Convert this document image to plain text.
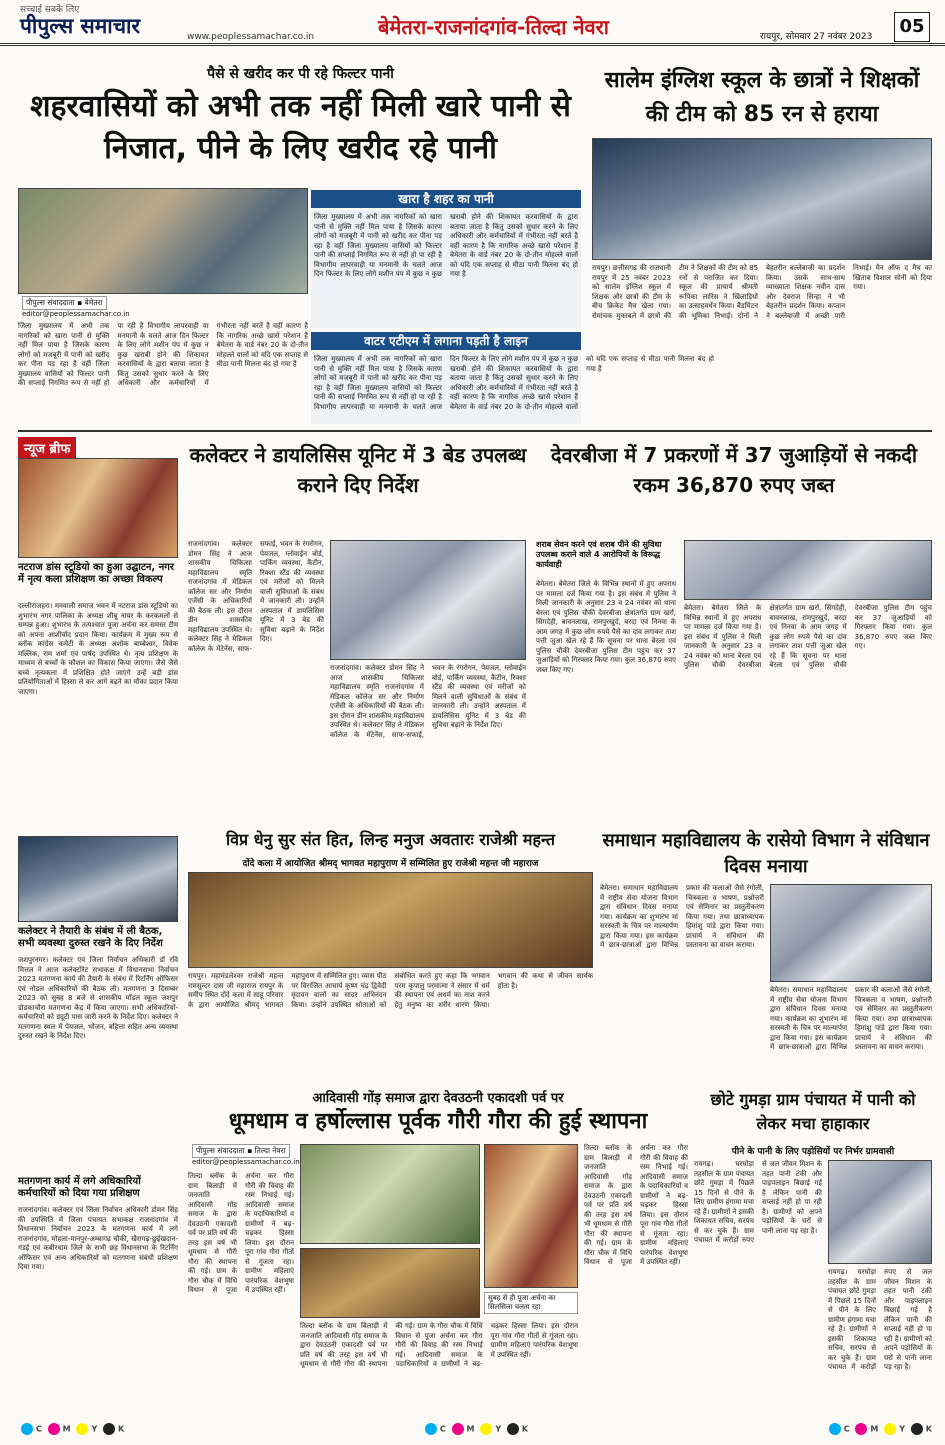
सच्चाई सबके लिए
पीपुल्स समाचार	www.peoplessamachar.co.in	बेमेतरा-राजनांदगांव-तिल्दा नेवरा	रायपुर, सोमवार 27 नवंबर 2023	05
पैसे से खरीद कर पी रहे फिल्टर पानी
शहरवासियों को अभी तक नहीं मिली खारे पानी से निजात, पीने के लिए खरीद रहे पानी
पीपुल्स संवाददाता ▪ बेमेतरा
editor@peoplessamachar.co.in
खारा है शहर का पानी
जिला मुख्यालय में अभी तक नागरिकों को खारा पानी से मुक्ति नहीं मिल पाया है जिसके कारण लोगों को मजबूरी में पानी को खरीद कर पीना पड़ रहा है वहीं जिला मुख्यालय वासियों को फिल्टर पानी की सप्लाई निगमित रूप से नहीं हो पा रही है विभागीय लापरवाही या मनमानी के चलते आज दिन फिल्टर के लिए लोगे मशीन पंप में कुछ न कुछ खराबी होने की शिकायत करवासियों के द्वारा बताया जाता है किंतु उसको सुधार करने के लिए अधिकारी और कर्मचारियों में गंभीरता नहीं बरतें है वहीं कारण है कि नागरिक अच्छे खासे परेशान हैं बेमेतरा के वार्ड नंबर 20 के दो-तीन मोहल्ले वालों को यदि एक सप्ताह से मीठा पानी मिलना बंद हो गया है
वाटर एटीएम में लगाना पड़ती है लाइन
जिला मुख्यालय में अभी तक नागरिकों को खारा पानी से मुक्ति नहीं मिल पाया है जिसके कारण लोगों को मजबूरी में पानी को खरीद कर पीना पड़ रहा है वहीं जिला मुख्यालय वासियों को फिल्टर पानी की सप्लाई निगमित रूप से नहीं हो पा रही है विभागीय लापरवाही या मनमानी के चलते आज दिन फिल्टर के लिए लोगे मशीन पंप में कुछ न कुछ खराबी होने की शिकायत करवासियों के द्वारा बताया जाता है किंतु उसको सुधार करने के लिए अधिकारी और कर्मचारियों में गंभीरता नहीं बरतें है वहीं कारण है कि नागरिक अच्छे खासे परेशान हैं बेमेतरा के वार्ड नंबर 20 के दो-तीन मोहल्ले वालों को यदि एक सप्ताह से मीठा पानी मिलना बंद हो गया है
जिला मुख्यालय में अभी तक नागरिकों को खारा पानी से मुक्ति नहीं मिल पाया है जिसके कारण लोगों को मजबूरी में पानी को खरीद कर पीना पड़ रहा है वहीं जिला मुख्यालय वासियों को फिल्टर पानी की सप्लाई निगमित रूप से नहीं हो पा रही है विभागीय लापरवाही या मनमानी के चलते आज दिन फिल्टर के लिए लोगे मशीन पंप में कुछ न कुछ खराबी होने की शिकायत करवासियों के द्वारा बताया जाता है किंतु उसको सुधार करने के लिए अधिकारी और कर्मचारियों में गंभीरता नहीं बरतें है वहीं कारण है कि नागरिक अच्छे खासे परेशान हैं बेमेतरा के वार्ड नंबर 20 के दो-तीन मोहल्ले वालों को यदि एक सप्ताह से मीठा पानी मिलना बंद हो गया है
सालेम इंग्लिश स्कूल के छात्रों ने शिक्षकों की टीम को 85 रन से हराया
रायपुर। छत्तीसगढ़ की राजधानी रायपुर में 25 नवंबर 2023 को सालेम इंग्लिश स्कूल में शिक्षक और छात्रों की टीम के बीच क्रिकेट मैच खेला गया। रोमांचक मुकाबले में छात्रों की टीम ने शिक्षकों की टीम को 85 रनों से पराजित कर दिया। स्कूल की प्राचार्य श्रीमती रूपिका लारिंस ने खिलाड़ियों का उत्साहवर्धन किया। बैडमिंटन की भूमिका निभाई। दोनों ने बेहतरीन बल्लेबाजी का प्रदर्शन किया। उसके साथ-साथ व्याख्याता शिक्षक नवीन दास और देवराज सिन्हा ने भी बेहतरीन प्रदर्शन किया। कप्तान ने बल्लेबाजी में अच्छी पारी निभाई। मैन ऑफ द मैच का खिताब विशाल सोनी को दिया गया।
न्यूज ब्रीफ
नटराज डांस स्टूडियो का हुआ उद्घाटन, नगर में नृत्य कला प्रशिक्षण का अच्छा विकल्प
दल्लीराजहरा। मनवाली समाज भवन में नटराज डांस स्टूडियो का शुभारंभ नगर पालिका के अध्यक्ष शीबू नायर के करकमलों से सम्पन्न हुआ। शुभारंभ के तत्पश्चात पूजा अर्चना कर समस्त टीम को अपना आशीर्वाद प्रदान किया। कार्यक्रम में मुख्य रूप से ब्लॉक कांग्रेस कमेटी के अध्यक्ष अशोक बाम्बेश्वर, विवेक मल्लिक, राम शर्मा एवं पार्षद उपस्थित थे। नृत्य प्रशिक्षण के माध्यम से बच्चों के कौशल का विकास किया जाएगा। जैसे जैसे बच्चे नृत्यकला में प्रशिक्षित होते जाएंगे उन्हें बड़ी डांस प्रतियोगिताओं में हिस्सा ले कर आगे बढ़ने का मौका प्रदान किया जाएगा।
कलेक्टर ने डायलिसिस यूनिट में 3 बेड उपलब्ध कराने दिए निर्देश
राजनांदगांव। कलेक्टर डोमन सिंह ने आज शासकीय चिकित्सा महाविद्यालय स्मृति राजनांदगांव में मेडिकल कॉलेज सर और निर्माण एजेंसी के अधिकारियों की बैठक ली। इस दौरान डीन शासकीय महाविद्यालय उपस्थित थे। कलेक्टर सिंह ने मेडिकल कॉलेज के मेंटेनेंस, साफ-सफाई, भवन के रंगरोगन, पेयजल, ग्लोवाईन बोर्ड, पार्किंग व्यवस्था, कैंटीन, रिक्शा स्टैंड की व्यवस्था एवं मरीजों को मिलने वाली सुविधाओं के संबंध में जानकारी ली। उन्होंने अस्पताल में डायलिसिस यूनिट में 3 बेड की सुविधा बढ़ाने के निर्देश दिए।
राजनांदगांव। कलेक्टर डोमन सिंह ने आज शासकीय चिकित्सा महाविद्यालय स्मृति राजनांदगांव में मेडिकल कॉलेज सर और निर्माण एजेंसी के अधिकारियों की बैठक ली। इस दौरान डीन शासकीय महाविद्यालय उपस्थित थे। कलेक्टर सिंह ने मेडिकल कॉलेज के मेंटेनेंस, साफ-सफाई, भवन के रंगरोगन, पेयजल, ग्लोवाईन बोर्ड, पार्किंग व्यवस्था, कैंटीन, रिक्शा स्टैंड की व्यवस्था एवं मरीजों को मिलने वाली सुविधाओं के संबंध में जानकारी ली। उन्होंने अस्पताल में डायलिसिस यूनिट में 3 बेड की सुविधा बढ़ाने के निर्देश दिए।
देवरबीजा में 7 प्रकरणों में 37 जुआड़ियों से नकदी रकम 36,870 रुपए जब्त
शराब सेवन करने एवं शराब पीने की सुविधा उपलब्ध कराने वाले 4 आरोपियों के विरूद्ध कार्यवाही
बेमेतरा। बेमेतरा जिले के विभिन्न स्थानों में हुए अपराध पर मामला दर्ज किया गया है। इस संबंध में पुलिस ने मिली जानकारी के अनुसार 23 व 24 नवंबर को थाना बेरला एवं पुलिस चौकी देवरबीजा क्षेत्रांतर्गत ग्राम खर्रा, सिंगदेही, बावनलाख, रामपुरखुर्द, बरदा एवं निनवा के आम जगह में कुछ लोग रुपये पैसे का दांव लगाकर ताश पत्ती जुआ खेल रहे हैं कि सूचना पर थाना बेरला एवं पुलिस चौकी देवरबीजा पुलिस टीम पहुंच कर 37 जुआड़ियों को गिरफ्तार किया गया। कुल 36,870 रुपए जब्त किए गए।
बेमेतरा। बेमेतरा जिले के विभिन्न स्थानों में हुए अपराध पर मामला दर्ज किया गया है। इस संबंध में पुलिस ने मिली जानकारी के अनुसार 23 व 24 नवंबर को थाना बेरला एवं पुलिस चौकी देवरबीजा क्षेत्रांतर्गत ग्राम खर्रा, सिंगदेही, बावनलाख, रामपुरखुर्द, बरदा एवं निनवा के आम जगह में कुछ लोग रुपये पैसे का दांव लगाकर ताश पत्ती जुआ खेल रहे हैं कि सूचना पर थाना बेरला एवं पुलिस चौकी देवरबीजा पुलिस टीम पहुंच कर 37 जुआड़ियों को गिरफ्तार किया गया। कुल 36,870 रुपए जब्त किए गए।
विप्र धेनु सुर संत हित, लिन्ह मनुज अवतारः राजेश्री महन्त
दोंदे कला में आयोजित श्रीमद् भागवत महापुराण में सम्मिलित हुए राजेश्री महन्त जी महाराज
रायपुर। महामंडलेश्वर राजेश्री महन्त रामसुन्दर दास जी महाराज रायपुर के समीप स्थित दोंदे कला में साहू परिवार के द्वारा आयोजित श्रीमद् भागवत महापुराण में सम्मिलित हुए। व्यास पीठ पर विराजित आचार्य कृष्ण चंद्र द्विवेदी वृंदावन वालों का सादर अभिनंदन किया। उन्होंने उपस्थित श्रोताओं को संबोधित करते हुए कहा कि भगवान परम कृपालु परमात्मा ने संसार में धर्म की स्थापना एवं अधर्म का नाश करने हेतु मनुष्य का शरीर धारण किया। भगवान की कथा से जीवन सार्थक होता है।
समाधान महाविद्यालय के रासेयो विभाग ने संविधान दिवस मनाया
बेमेतरा। समाधान महाविद्यालय में राष्ट्रीय सेवा योजना विभाग द्वारा संविधान दिवस मनाया गया। कार्यक्रम का शुभारंभ मां सरस्वती के चित्र पर माल्यार्पण द्वारा किया गया। इस कार्यक्रम में छात्र-छात्राओं द्वारा विभिन्न प्रकार की कलाओं जैसे रंगोली, चित्रकला व भाषण, प्रश्नोत्तरी एवं सेमिनार का प्रस्तुतीकरण किया गया। तथा छात्राध्यापक हिमांशु पांडे द्वारा किया गया। प्राचार्य ने संविधान की प्रस्तावना का वाचन कराया।
बेमेतरा। समाधान महाविद्यालय में राष्ट्रीय सेवा योजना विभाग द्वारा संविधान दिवस मनाया गया। कार्यक्रम का शुभारंभ मां सरस्वती के चित्र पर माल्यार्पण द्वारा किया गया। इस कार्यक्रम में छात्र-छात्राओं द्वारा विभिन्न प्रकार की कलाओं जैसे रंगोली, चित्रकला व भाषण, प्रश्नोत्तरी एवं सेमिनार का प्रस्तुतीकरण किया गया। तथा छात्राध्यापक हिमांशु पांडे द्वारा किया गया। प्राचार्य ने संविधान की प्रस्तावना का वाचन कराया।
कलेक्टर ने तैयारी के संबंध में ली बैठक, सभी व्यवस्था दुरुस्त रखने के दिए निर्देश
जशपुरनगर। कलेक्टर एवं जिला निर्वाचन अधिकारी डॉ रवि मित्तल ने आज कलेक्टोरेट सभाकक्ष में विधानसभा निर्वाचन 2023 मतगणना कार्य की तैयारी के संबंध में रिटर्निंग ऑफिसर एवं नोडल अधिकारियों की बैठक ली। मतगणना 3 दिसम्बर 2023 को सुबह 8 बजे से शासकीय मॉडल स्कूल जशपुर डोडकाचौरा मतगणना केंद्र में किया जाएगा। सभी अधिकारियों-कर्मचारियों को ड्यूटी पास जारी करने के निर्देश दिए। कलेक्टर ने मतगणना स्थल में पेयजल, भोजन, बहित्ता सहित अन्य व्यवस्था दुरुस्त रखने के निर्देश दिए।
मतगणना कार्य में लगे अधिकारियों कर्मचारियों को दिया गया प्रशिक्षण
राजनांदगांव। कलेक्टर एवं जिला निर्वाचन अधिकारी डोमन सिंह की उपस्थिति में जिला पंचायत सभाकक्ष राजनांदगांव में विधानसभा निर्वाचन 2023 के मतगणना कार्य में लगे राजनांदगांव, मोहला-मानपुर-अम्बागढ़ चौकी, खैरागढ़-छुईखदान-गंडई एवं कबीरधाम जिले के सभी छह विधानसभा के रिटर्निंग ऑफिसर एवं अन्य अधिकारियों को मतगणना संबंधी प्रशिक्षण दिया गया।
आदिवासी गोंड़ समाज द्वारा देवउठनी एकादशी पर्व पर
धूमधाम व हर्षोल्लास पूर्वक गौरी गौरा की हुई स्थापना
पीपुल्स संवाददाता ▪ तिल्दा नेवरा
editor@peoplessamachar.co.in
सुबह से ही पूजा अर्चना का सिलसिला चलता रहा
तिल्दा ब्लॉक के ग्राम बिलाड़ी में जनजाति आदिवासी गोंड़ समाज के द्वारा देवउठनी एकादशी पर्व पर प्रति वर्ष की तरह इस वर्ष भी धूमधाम से गौरी गौरा की स्थापना की गई। ग्राम के गौरा चौक में विधि विधान से पूजा अर्चना कर गौरा गौरी की विवाह की रस्म निभाई गई। आदिवासी समाज के पदाधिकारियों व ग्रामीणों ने बढ़-चढ़कर हिस्सा लिया। इस दौरान पूरा गांव गौरा गीतों से गूंजता रहा। ग्रामीण महिलाएं पारंपरिक वेशभूषा में उपस्थित रहीं।
तिल्दा ब्लॉक के ग्राम बिलाड़ी में जनजाति आदिवासी गोंड़ समाज के द्वारा देवउठनी एकादशी पर्व पर प्रति वर्ष की तरह इस वर्ष भी धूमधाम से गौरी गौरा की स्थापना की गई। ग्राम के गौरा चौक में विधि विधान से पूजा अर्चना कर गौरा गौरी की विवाह की रस्म निभाई गई। आदिवासी समाज के पदाधिकारियों व ग्रामीणों ने बढ़-चढ़कर हिस्सा लिया। इस दौरान पूरा गांव गौरा गीतों से गूंजता रहा। ग्रामीण महिलाएं पारंपरिक वेशभूषा में उपस्थित रहीं।
तिल्दा ब्लॉक के ग्राम बिलाड़ी में जनजाति आदिवासी गोंड़ समाज के द्वारा देवउठनी एकादशी पर्व पर प्रति वर्ष की तरह इस वर्ष भी धूमधाम से गौरी गौरा की स्थापना की गई। ग्राम के गौरा चौक में विधि विधान से पूजा अर्चना कर गौरा गौरी की विवाह की रस्म निभाई गई। आदिवासी समाज के पदाधिकारियों व ग्रामीणों ने बढ़-चढ़कर हिस्सा लिया। इस दौरान पूरा गांव गौरा गीतों से गूंजता रहा। ग्रामीण महिलाएं पारंपरिक वेशभूषा में उपस्थित रहीं।
छोटे गुमड़ा ग्राम पंचायत में पानी को लेकर मचा हाहाकार
पीने के पानी के लिए पड़ोसियों पर निर्भर ग्रामवासी
रायगढ़। घरघोड़ा तहसील के ग्राम पंचायत छोटे गुमड़ा में पिछले 15 दिनों से पीने के लिए ग्रामीण हंगामा मचा रहे हैं। ग्रामीणों ने इसकी शिकायत सचिव, सरपंच से कर चुके हैं। ग्राम पंचायत में करोड़ों रुपए से जल जीवन मिशन के तहत पानी टंकी और पाइपलाइन बिछाई गई है लेकिन पानी की सप्लाई नहीं हो पा रही है। ग्रामीणों को अपने पड़ोसियों के घरों से पानी लाना पड़ रहा है।
रायगढ़। घरघोड़ा तहसील के ग्राम पंचायत छोटे गुमड़ा में पिछले 15 दिनों से पीने के लिए ग्रामीण हंगामा मचा रहे हैं। ग्रामीणों ने इसकी शिकायत सचिव, सरपंच से कर चुके हैं। ग्राम पंचायत में करोड़ों रुपए से जल जीवन मिशन के तहत पानी टंकी और पाइपलाइन बिछाई गई है लेकिन पानी की सप्लाई नहीं हो पा रही है। ग्रामीणों को अपने पड़ोसियों के घरों से पानी लाना पड़ रहा है।
C	M	Y	K	C	M	Y	K	C	M	Y	K
